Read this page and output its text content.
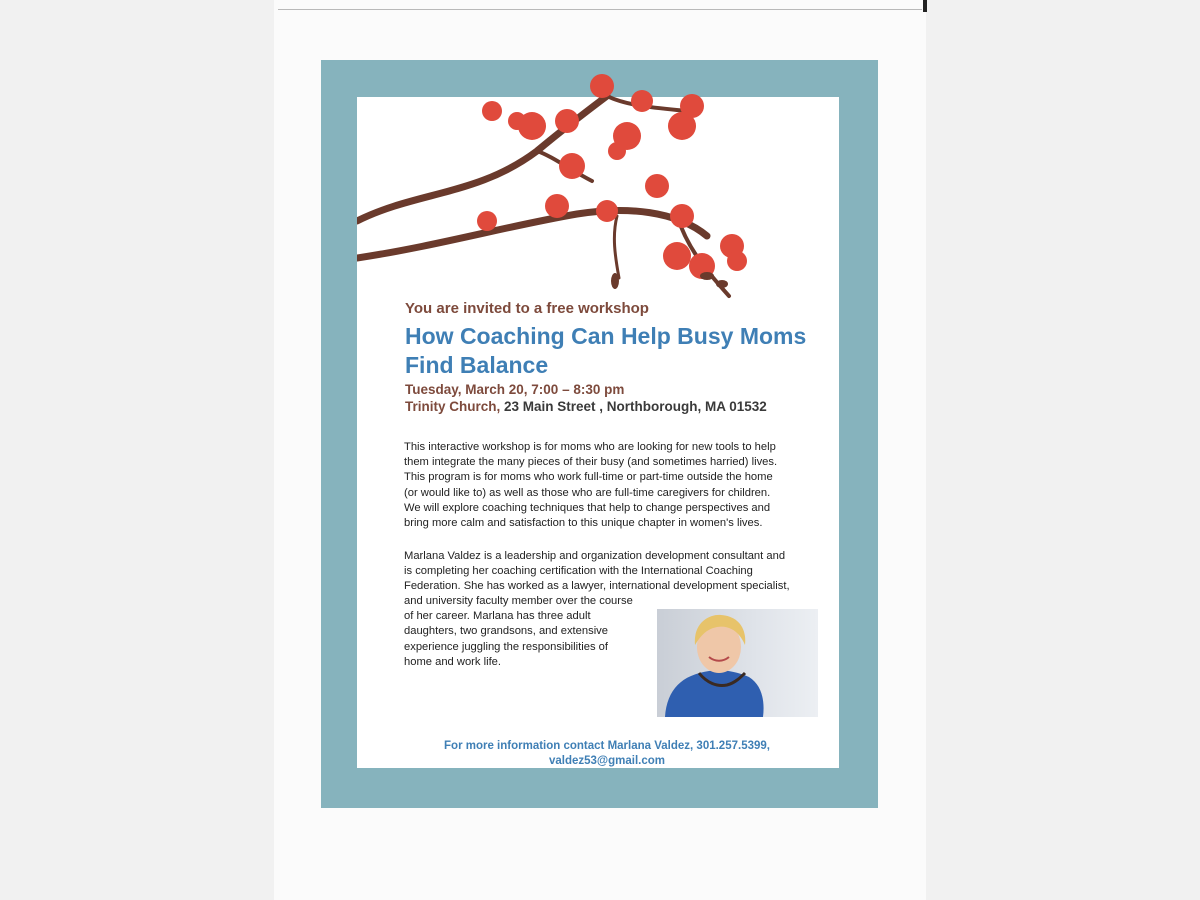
You are invited to a free workshop
How Coaching Can Help Busy Moms
Find Balance
Tuesday, March 20, 7:00 – 8:30 pm
Trinity Church, 23 Main Street , Northborough, MA 01532
This interactive workshop is for moms who are looking for new tools to help
them integrate the many pieces of their busy (and sometimes harried) lives.
This program is for moms who work full-time or part-time outside the home
(or would like to) as well as those who are full-time caregivers for children.
We will explore coaching techniques that help to change perspectives and
bring more calm and satisfaction to this unique chapter in women's lives.
Marlana Valdez is a leadership and organization development consultant and
is completing her coaching certification with the International Coaching
Federation. She has worked as a lawyer, international development specialist,
and university faculty member over the course
of her career. Marlana has three adult
daughters, two grandsons, and extensive
experience juggling the responsibilities of
home and work life.
For more information contact Marlana Valdez, 301.257.5399,
valdez53@gmail.com
